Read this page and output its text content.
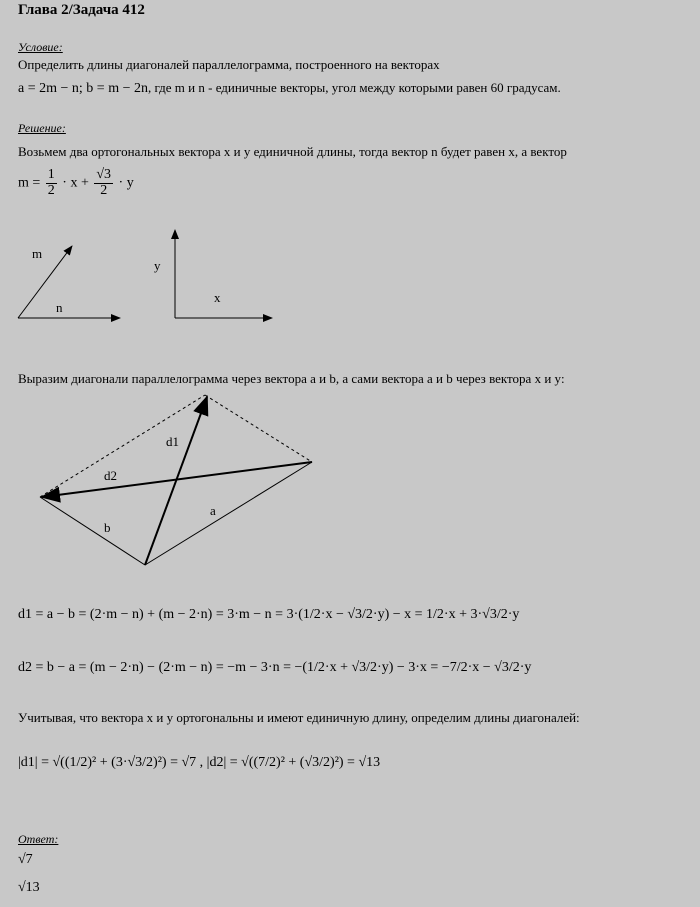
Глава 2/Задача 412
Условие:
Определить длины диагоналей параллелограмма, построенного на векторах
a = 2m − n; b = m − 2n, где m и n - единичные векторы, угол между которыми равен 60 градусам.
Решение:
Возьмем два ортогональных вектора x и y единичной длины, тогда вектор n будет равен x, а вектор
$m = \frac{1}{2} \cdot x + \frac{√3}{2} \cdot y$
m
n
y
x
Выразим диагонали параллелограмма через вектора a и b, а сами вектора a и b через вектора x и y:
d1
d2
b
a
d1 = a − b = (2·m − n) + (m − 2·n) = 3·m − n = 3·(1/2·x − √3/2·y) − x = 1/2·x + 3·√3/2·y
d2 = b − a = (m − 2·n) − (2·m − n) = −m − 3·n = −(1/2·x + √3/2·y) − 3·x = −7/2·x − √3/2·y
Учитывая, что вектора x и y ортогональны и имеют единичную длину, определим длины диагоналей:
|d1| = √((1/2)² + (3·√3/2)²) = √7 , |d2| = √((7/2)² + (√3/2)²) = √13
Ответ:
√7
√13
